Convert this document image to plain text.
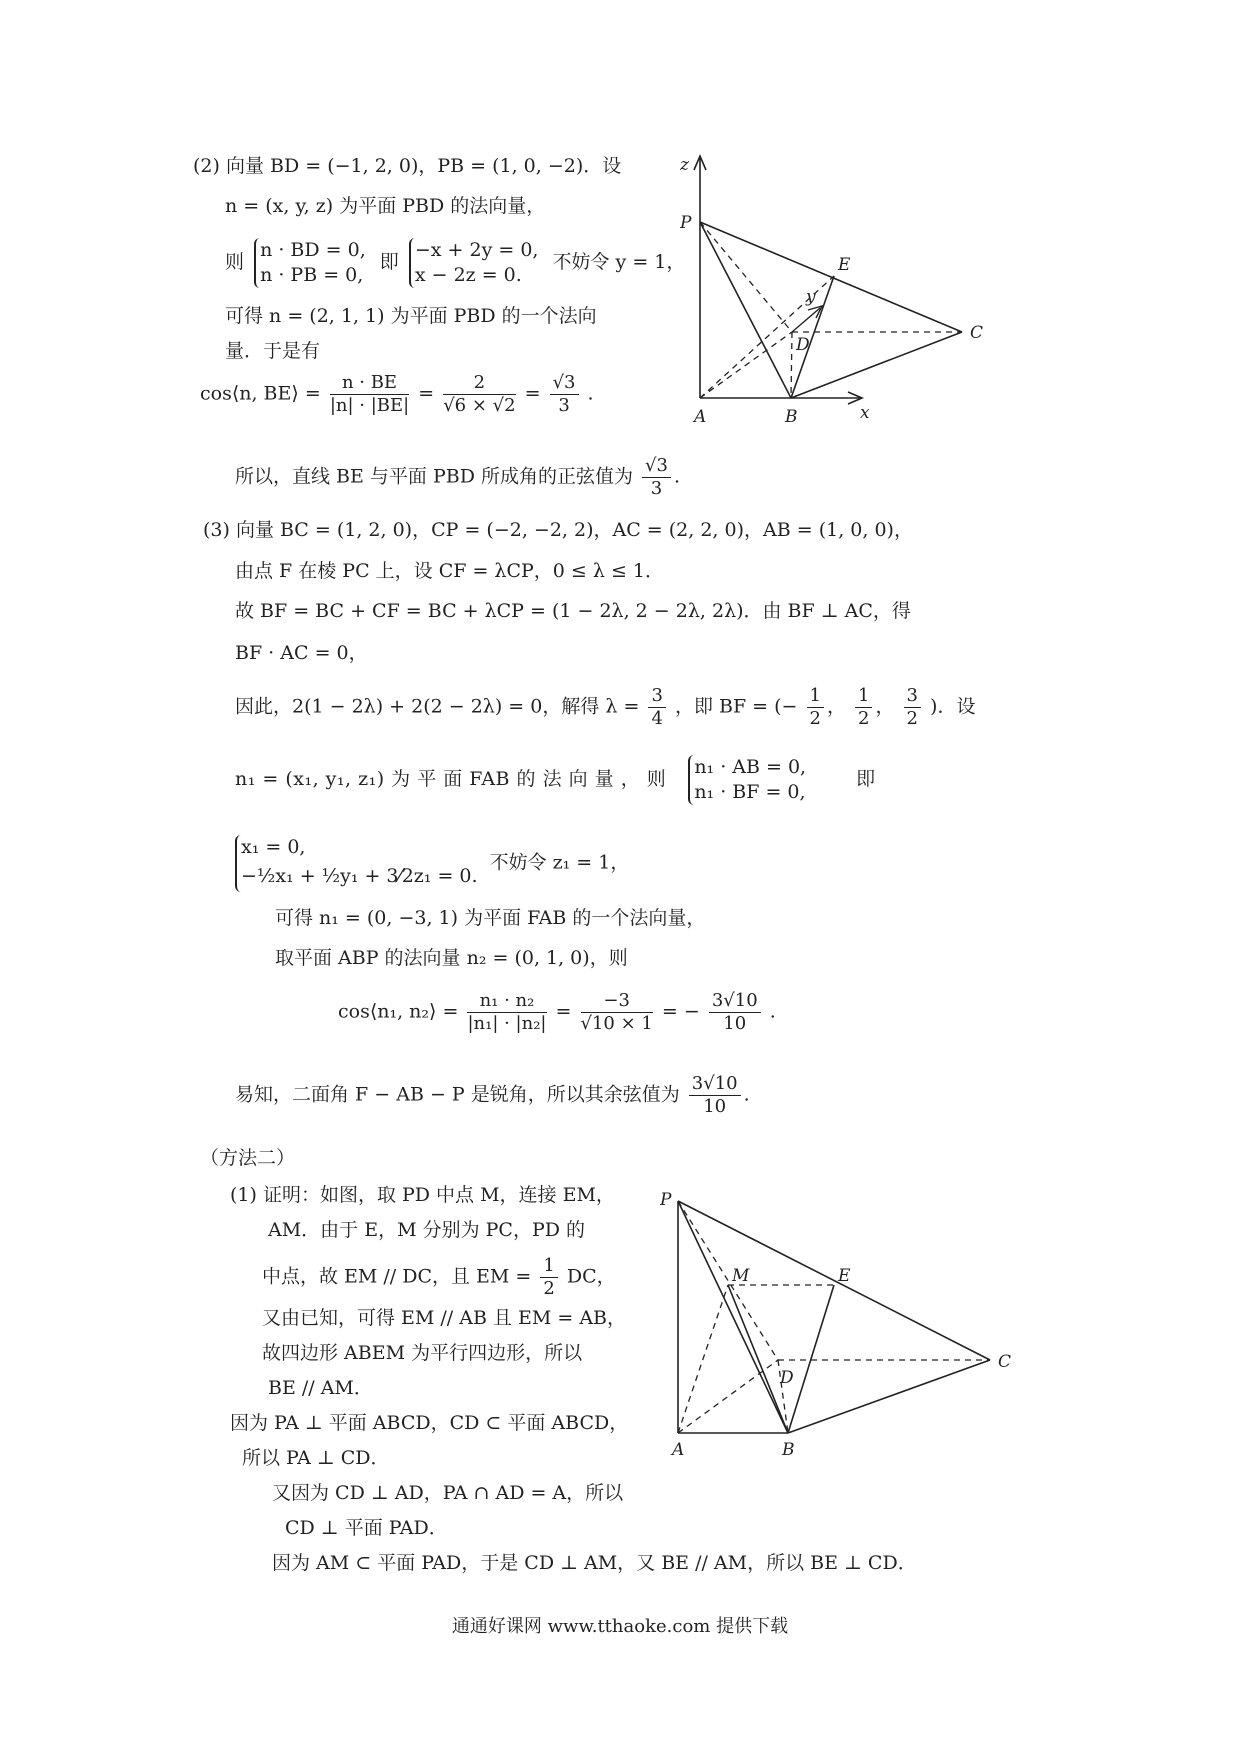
(2) 向量 BD = (−1, 2, 0)，PB = (1, 0, −2)．设
n = (x, y, z) 为平面 PBD 的法向量，
则
n · BD = 0,
n · PB = 0,
即
−x + 2y = 0,
x − 2z = 0.
不妨令 y = 1，
可得 n = (2, 1, 1) 为平面 PBD 的一个法向
量．于是有
cos⟨n, BE⟩ = $\frac{n \cdot BE}{|n| \cdot |BE|} = \frac{2}{√6 \times √2} = \frac{√3}{3}$ .
所以，直线 BE 与平面 PBD 所成角的正弦值为 $\frac{√3}{3}$ .
z
P
E
C
D
y
A	B	x
(3) 向量 BC = (1, 2, 0)，CP = (−2, −2, 2)，AC = (2, 2, 0)，AB = (1, 0, 0)，
由点 F 在棱 PC 上，设 CF = λCP，0 ≤ λ ≤ 1．
故 BF = BC + CF = BC + λCP = (1 − 2λ, 2 − 2λ, 2λ)．由 BF ⊥ AC，得
BF · AC = 0，
因此，2(1 − 2λ) + 2(2 − 2λ) = 0，解得 $\lambda = \frac{3}{4}$ ，即 BF = (− $\frac{1}{2}$ ， $\frac{1}{2}$ ， $\frac{3}{2}$ )．设
n₁ = (x₁, y₁, z₁) 为 平 面 FAB 的 法 向 量 ， 则
n₁ · AB = 0,
n₁ · BF = 0,
即
x₁ = 0,
−½x₁ + ½y₁ + 3⁄2z₁ = 0.
不妨令 z₁ = 1，
可得 n₁ = (0, −3, 1) 为平面 FAB 的一个法向量，
取平面 ABP 的法向量 n₂ = (0, 1, 0)，则
cos⟨n₁, n₂⟩ = $\frac{\text{n₁ · n₂}}{\text{|n₁| · |n₂|}} = \frac{-3}{√10 \times 1}$ = − $\frac{3√10}{10}$ .
易知，二面角 F − AB − P 是锐角，所以其余弦值为 $\frac{3√10}{10}$ .
（方法二）
(1) 证明：如图，取 PD 中点 M，连接 EM，
AM．由于 E，M 分别为 PC，PD 的
中点，故 EM // DC，且 EM = $\frac{1}{2}$ DC，
又由已知，可得 EM // AB 且 EM = AB，
故四边形 ABEM 为平行四边形，所以
BE // AM．
因为 PA ⊥ 平面 ABCD，CD ⊂ 平面 ABCD，
所以 PA ⊥ CD．
又因为 CD ⊥ AD，PA ∩ AD = A，所以
CD ⊥ 平面 PAD．
因为 AM ⊂ 平面 PAD，于是 CD ⊥ AM，又 BE // AM，所以 BE ⊥ CD．
P
M	E
C
D
A	B
通通好课网 www.tthaoke.com 提供下载
